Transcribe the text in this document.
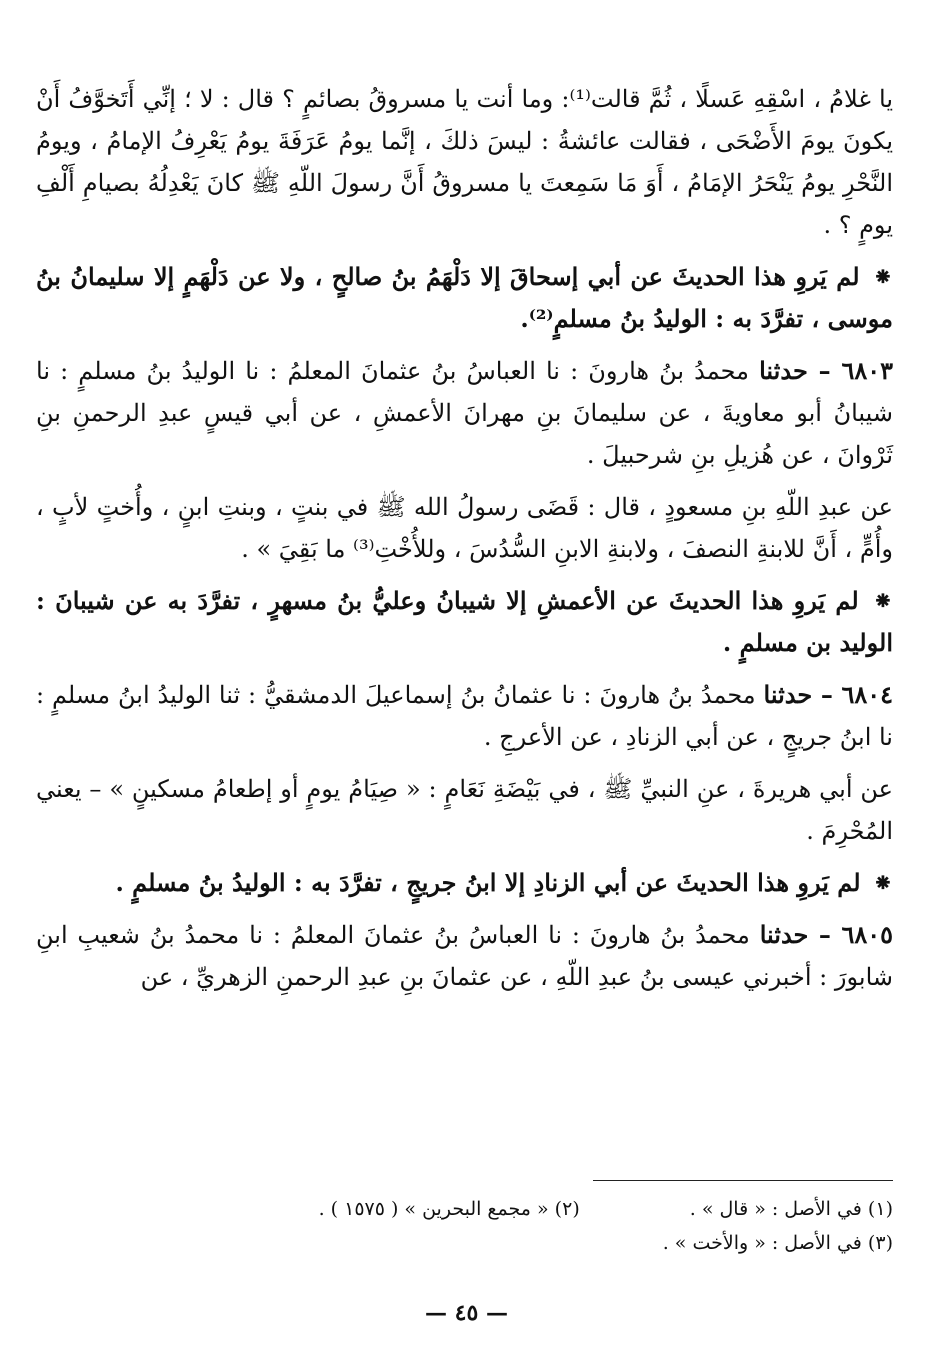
يا غلامُ ، اسْقِهِ عَسلًا ، ثُمَّ قالت⁽¹⁾: وما أنت يا مسروقُ بصائمٍ ؟ قال : لا ؛ إنِّي أَتَخوَّفُ أَنْ يكونَ يومَ الأَضْحَى ، فقالت عائشةُ : ليسَ ذلكَ ، إنَّما يومُ عَرَفَةَ يومُ يَعْرِفُ الإمامُ ، ويومُ النَّحْرِ يومُ يَنْحَرُ الإمَامُ ، أَوَ مَا سَمِعتَ يا مسروقُ أَنَّ رسولَ اللّهِ ﷺ كانَ يَعْدِلُهُ بصيامِ أَلْفِ يومٍ ؟ .

⁕ لم يَروِ هذا الحديثَ عن أبي إسحاقَ إلا دَلْهَمُ بنُ صالحٍ ، ولا عن دَلْهَمٍ إلا سليمانُ بنُ موسى ، تفرَّدَ به : الوليدُ بنُ مسلمٍ⁽²⁾.

٦٨٠٣ – حدثنا محمدُ بنُ هارونَ : نا العباسُ بنُ عثمانَ المعلمُ : نا الوليدُ بنُ مسلمٍ : نا شيبانُ أبو معاويةَ ، عن سليمانَ بنِ مهرانَ الأعمشِ ، عن أبي قيسٍ عبدِ الرحمنِ بنِ ثَرْوانَ ، عن هُزيلِ بنِ شرحبيلَ .

عن عبدِ اللّهِ بنِ مسعودٍ ، قال : قَضَى رسولُ الله ﷺ في بنتٍ ، وبنتِ ابنٍ ، وأُختٍ لأبٍ ، وأُمٍّ ، أَنَّ للابنةِ النصفَ ، ولابنةِ الابنِ السُّدُسَ ، وللأُخْتِ⁽³⁾ ما بَقِيَ » .

⁕ لم يَروِ هذا الحديثَ عن الأعمشِ إلا شيبانُ وعليُّ بنُ مسهرٍ ، تفرَّدَ به عن شيبانَ : الوليد بن مسلمٍ .

٦٨٠٤ – حدثنا محمدُ بنُ هارونَ : نا عثمانُ بنُ إسماعيلَ الدمشقيُّ : ثنا الوليدُ ابنُ مسلمٍ : نا ابنُ جريجٍ ، عن أبي الزنادِ ، عن الأعرجِ .

عن أبي هريرةَ ، عنِ النبيِّ ﷺ ، في بَيْضَةِ نَعَامٍ : « صِيَامُ يومٍ أو إطعامُ مسكينٍ » – يعني المُحْرِمَ .

⁕ لم يَروِ هذا الحديثَ عن أبي الزنادِ إلا ابنُ جريجٍ ، تفرَّدَ به : الوليدُ بنُ مسلمٍ .

٦٨٠٥ – حدثنا محمدُ بنُ هارونَ : نا العباسُ بنُ عثمانَ المعلمُ : نا محمدُ بنُ شعيبِ ابنِ شابورَ : أخبرني عيسى بنُ عبدِ اللّهِ ، عن عثمانَ بنِ عبدِ الرحمنِ الزهريِّ ، عن

(١) في الأصل : « قال » .
(٢) « مجمع البحرين » ( ١٥٧٥ ) .
(٣) في الأصل : « والأخت » .
— ٤٥ —
